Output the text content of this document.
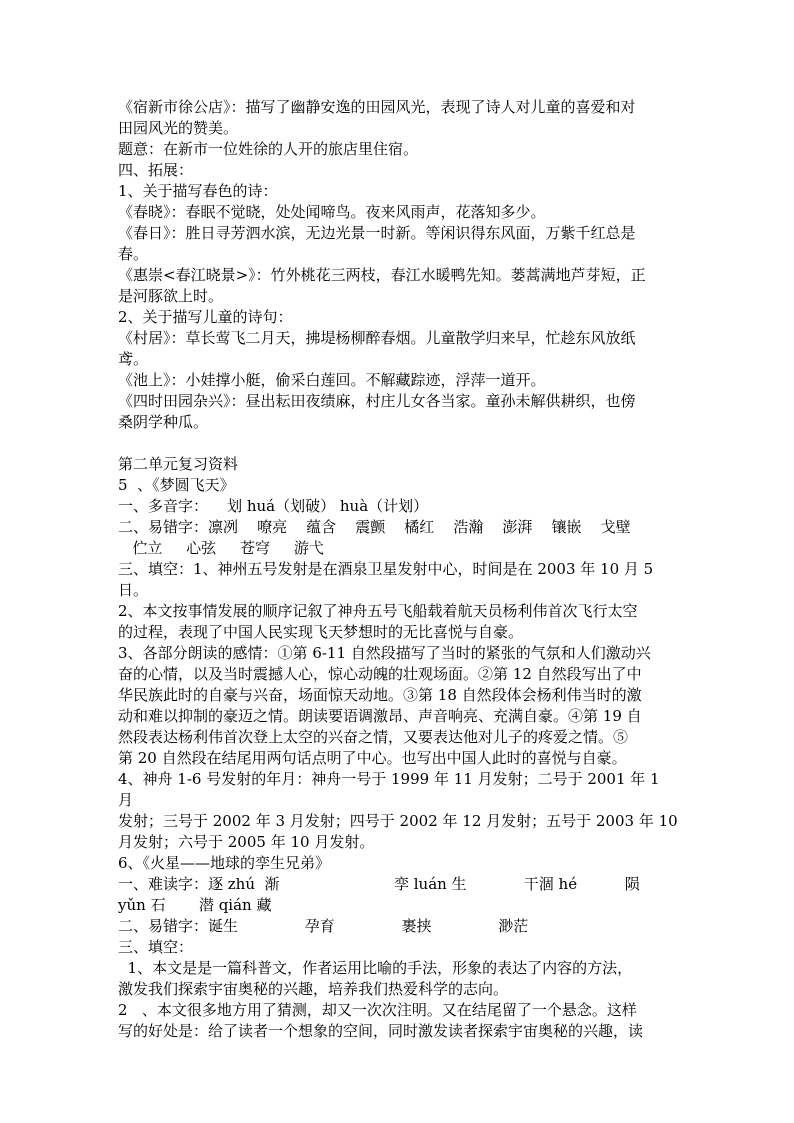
《宿新市徐公店》：描写了幽静安逸的田园风光，表现了诗人对儿童的喜爱和对
田园风光的赞美。
题意：在新市一位姓徐的人开的旅店里住宿。
四、拓展：
1、关于描写春色的诗：
《春晓》：春眠不觉晓，处处闻啼鸟。夜来风雨声，花落知多少。
《春日》：胜日寻芳泗水滨，无边光景一时新。等闲识得东风面，万紫千红总是
春。
《惠崇<春江晓景>》：竹外桃花三两枝，春江水暖鸭先知。蒌蒿满地芦芽短，正
是河豚欲上时。
2、关于描写儿童的诗句：
《村居》：草长莺飞二月天，拂堤杨柳醉春烟。儿童散学归来早，忙趁东风放纸
鸢。
《池上》：小娃撑小艇，偷采白莲回。不解藏踪迹，浮萍一道开。
《四时田园杂兴》：昼出耘田夜绩麻，村庄儿女各当家。童孙未解供耕织，也傍
桑阴学种瓜。
第二单元复习资料
5  、《梦圆飞天》
一、多音字：    划 huá（划破） huà（计划）
二、易错字：凛冽    嘹亮    蕴含    震颤    橘红    浩瀚    澎湃    镶嵌    戈壁
伫立     心弦     苍穹     游弋
三、填空：1、神州五号发射是在酒泉卫星发射中心，时间是在 2003 年 10 月 5
日。
2、本文按事情发展的顺序记叙了神舟五号飞船载着航天员杨利伟首次飞行太空
的过程，表现了中国人民实现飞天梦想时的无比喜悦与自豪。
3、各部分朗读的感情：①第 6-11 自然段描写了当时的紧张的气氛和人们激动兴
奋的心情，以及当时震撼人心，惊心动魄的壮观场面。②第 12 自然段写出了中
华民族此时的自豪与兴奋，场面惊天动地。③第 18 自然段体会杨利伟当时的激
动和难以抑制的豪迈之情。朗读要语调激昂、声音响亮、充满自豪。④第 19 自
然段表达杨利伟首次登上太空的兴奋之情，又要表达他对儿子的疼爱之情。⑤
第 20 自然段在结尾用两句话点明了中心。也写出中国人此时的喜悦与自豪。
4、神舟 1-6 号发射的年月：神舟一号于 1999 年 11 月发射；二号于 2001 年 1 月
发射；三号于 2002 年 3 月发射；四号于 2002 年 12 月发射；五号于 2003 年 10
月发射；六号于 2005 年 10 月发射。
6、《火星——地球的孪生兄弟》
一、难读字：逐 zhú  渐                        孪 luán 生            干涸 hé          陨
yǔn 石       潜 qián 藏
二、易错字：诞生              孕育              裹挟              渺茫
三、填空：
1、本文是是一篇科普文，作者运用比喻的手法，形象的表达了内容的方法，
激发我们探索宇宙奥秘的兴趣，培养我们热爱科学的志向。
2   、本文很多地方用了猜测，却又一次次注明。又在结尾留了一个悬念。这样
写的好处是：给了读者一个想象的空间，同时激发读者探索宇宙奥秘的兴趣，读
